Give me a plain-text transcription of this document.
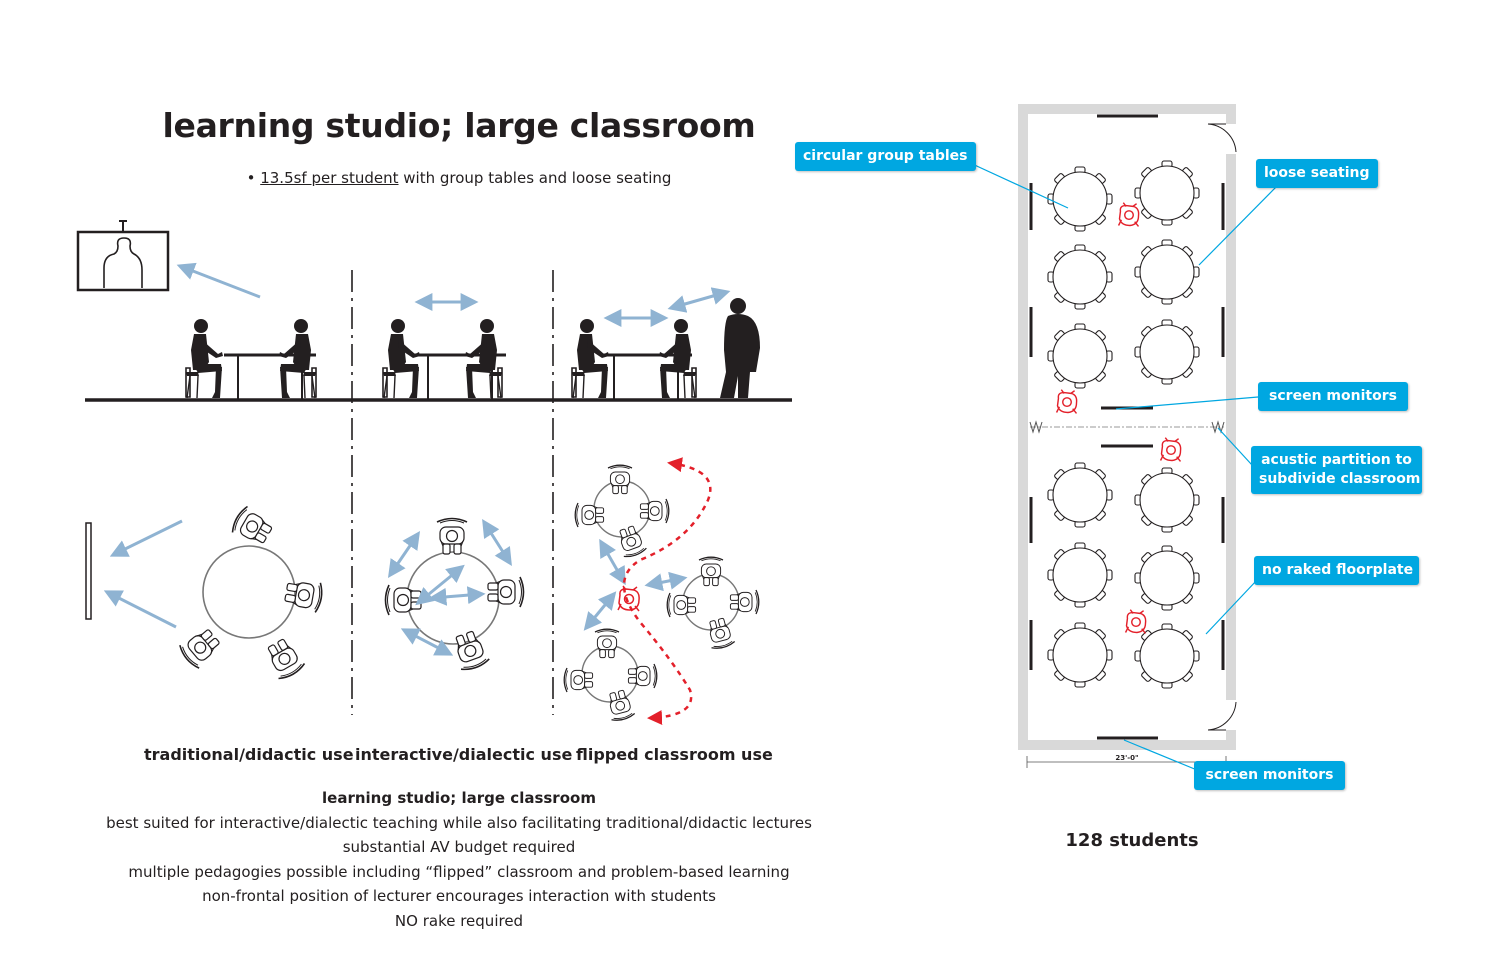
learning studio; large classroom
• 13.5sf per student with group tables and loose seating
traditional/didactic use interactive/dialectic use flipped classroom use
learning studio; large classroom
best suited for interactive/dialectic teaching while also facilitating traditional/didactic lectures
substantial AV budget required
multiple pedagogies possible including “flipped” classroom and problem-based learning
non-frontal position of lecturer encourages interaction with students
NO rake required
23'-0"
circular group tables
loose seating
screen monitors
acustic partition to
subdivide classroom
no raked floorplate
screen monitors
128 students
